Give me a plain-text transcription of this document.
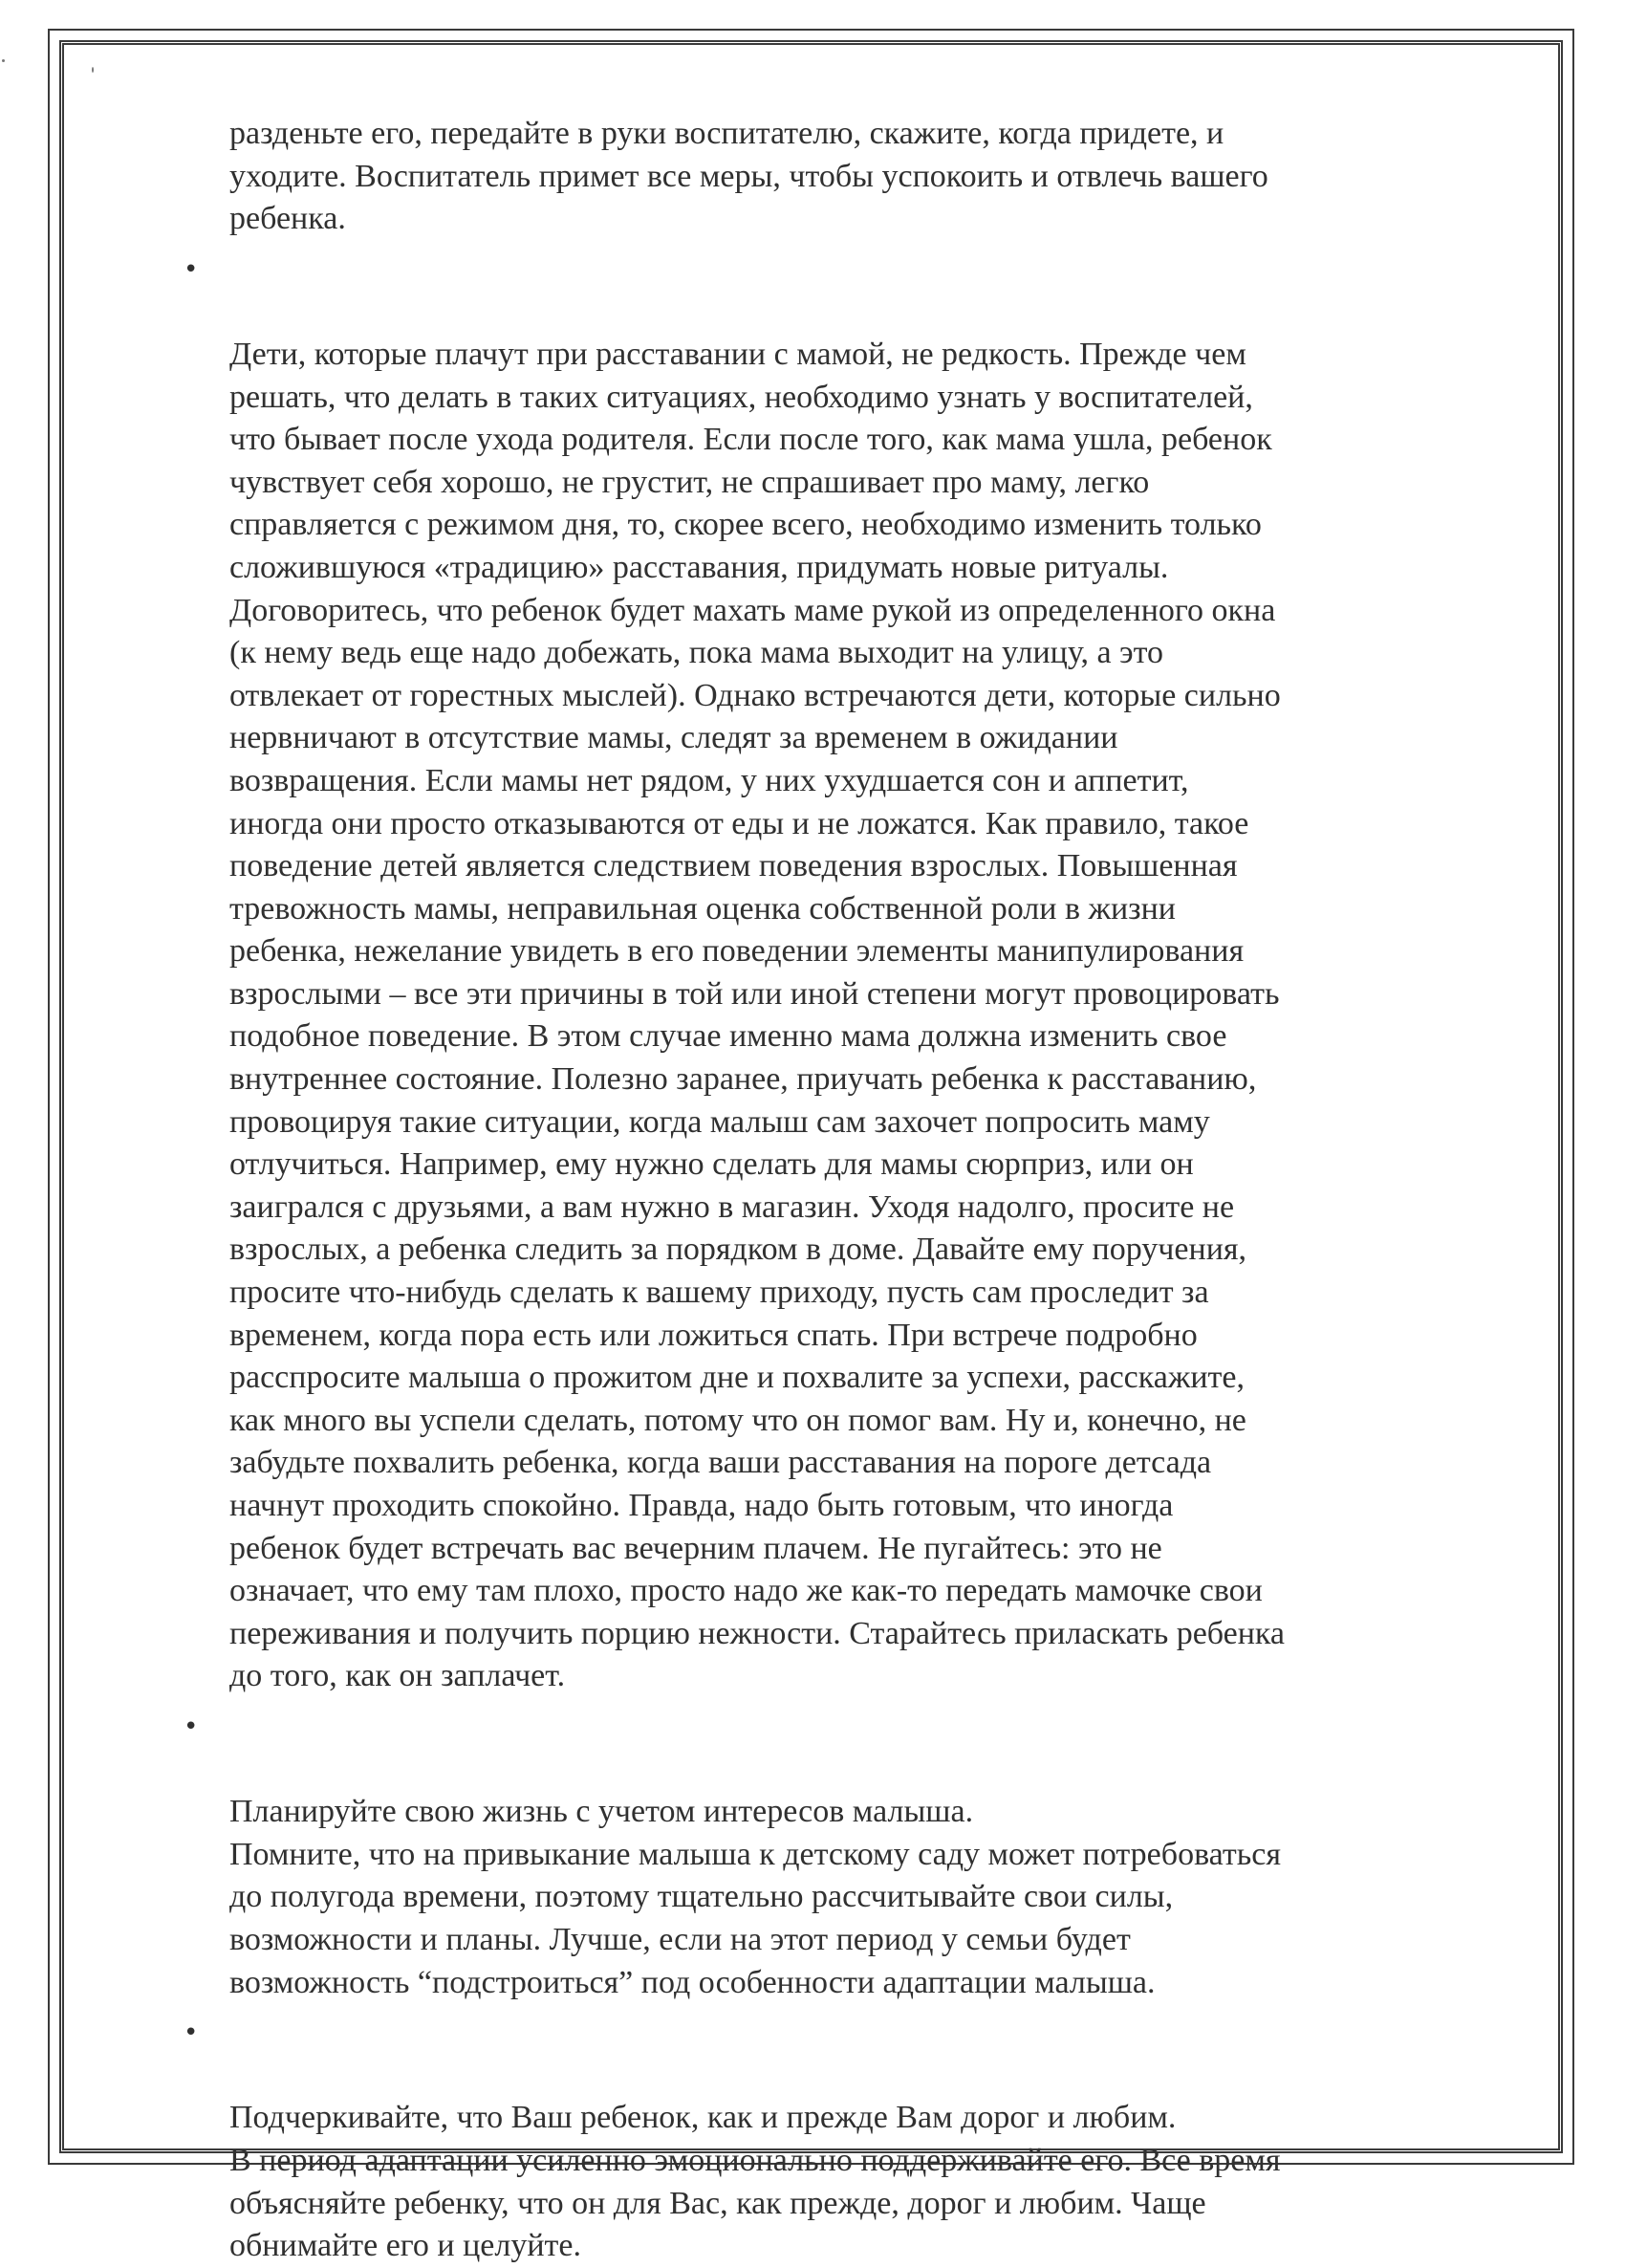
разденьте его, передайте в руки воспитателю, скажите, когда придете, и
уходите. Воспитатель примет все меры, чтобы успокоить и отвлечь вашего
ребенка.

•

Дети, которые плачут при расставании с мамой, не редкость. Прежде чем
решать, что делать в таких ситуациях, необходимо узнать у воспитателей,
что бывает после ухода родителя. Если после того, как мама ушла, ребенок
чувствует себя хорошо, не грустит, не спрашивает про маму, легко
справляется с режимом дня, то, скорее всего, необходимо изменить только
сложившуюся «традицию» расставания, придумать новые ритуалы.
Договоритесь, что ребенок будет махать маме рукой из определенного окна
(к нему ведь еще надо добежать, пока мама выходит на улицу, а это
отвлекает от горестных мыслей). Однако встречаются дети, которые сильно
нервничают в отсутствие мамы, следят за временем в ожидании
возвращения. Если мамы нет рядом, у них ухудшается сон и аппетит,
иногда они просто отказываются от еды и не ложатся. Как правило, такое
поведение детей является следствием поведения взрослых. Повышенная
тревожность мамы, неправильная оценка собственной роли в жизни
ребенка, нежелание увидеть в его поведении элементы манипулирования
взрослыми – все эти причины в той или иной степени могут провоцировать
подобное поведение. В этом случае именно мама должна изменить свое
внутреннее состояние. Полезно заранее, приучать ребенка к расставанию,
провоцируя такие ситуации, когда малыш сам захочет попросить маму
отлучиться. Например, ему нужно сделать для мамы сюрприз, или он
заигрался с друзьями, а вам нужно в магазин. Уходя надолго, просите не
взрослых, а ребенка следить за порядком в доме. Давайте ему поручения,
просите что-нибудь сделать к вашему приходу, пусть сам проследит за
временем, когда пора есть или ложиться спать. При встрече подробно
расспросите малыша о прожитом дне и похвалите за успехи, расскажите,
как много вы успели сделать, потому что он помог вам. Ну и, конечно, не
забудьте похвалить ребенка, когда ваши расставания на пороге детсада
начнут проходить спокойно. Правда, надо быть готовым, что иногда
ребенок будет встречать вас вечерним плачем. Не пугайтесь: это не
означает, что ему там плохо, просто надо же как-то передать мамочке свои
переживания и получить порцию нежности. Старайтесь приласкать ребенка
до того, как он заплачет.

•

Планируйте свою жизнь с учетом интересов малыша.
Помните, что на привыкание малыша к детскому саду может потребоваться
до полугода времени, поэтому тщательно рассчитывайте свои силы,
возможности и планы. Лучше, если на этот период у семьи будет
возможность “подстроиться” под особенности адаптации малыша.

•

Подчеркивайте, что Ваш ребенок, как и прежде Вам дорог и любим.
В период адаптации усиленно эмоционально поддерживайте его. Все время
объясняйте ребенку, что он для Вас, как прежде, дорог и любим. Чаще
обнимайте его и целуйте.
